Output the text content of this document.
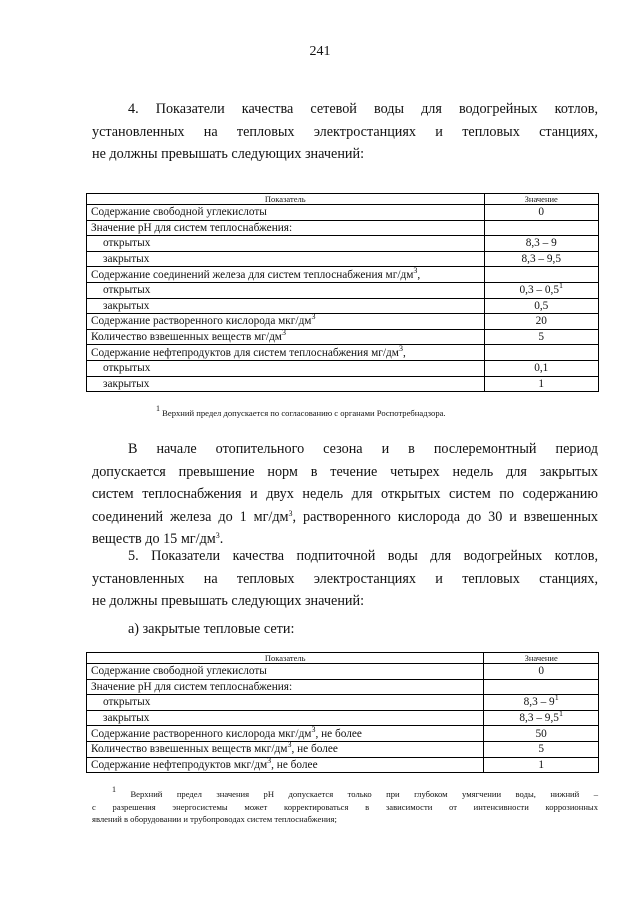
241
4. Показатели качества сетевой воды для водогрейных котлов,
установленных на тепловых электростанциях и тепловых станциях,
не должны превышать следующих значений:
Показатель	Значение
Содержание свободной углекислоты	0
Значение pH для систем теплоснабжения:	
открытых	8,3 – 9
закрытых	8,3 – 9,5
Содержание соединений железа для систем теплоснабжения $мг/дм^3$,	
открытых	$0,3 - 0,5^1$
закрытых	0,5
Содержание растворенного кислорода мкг/$дм^3$	20
Количество взвешенных веществ $мг/дм^3$	5
Содержание нефтепродуктов для систем теплоснабжения $мг/дм^3$,	
открытых	0,1
закрытых	1
$^1$ Верхний предел допускается по согласованию с органами Роспотребнадзора.
В начале отопительного сезона и в послеремонтный период
допускается превышение норм в течение четырех недель для закрытых
систем теплоснабжения и двух недель для открытых систем по содержанию
соединений железа до 1 $мг/дм^3$, растворенного кислорода до 30 и взвешенных
веществ до 15 $мг/дм^3$.
5. Показатели качества подпиточной воды для водогрейных котлов,
установленных на тепловых электростанциях и тепловых станциях,
не должны превышать следующих значений:
а) закрытые тепловые сети:
Показатель	Значение
Содержание свободной углекислоты	0
Значение pH для систем теплоснабжения:	
открытых	$8,3 - 9^1$
закрытых	$8,3 - 9,5^1$
Содержание растворенного кислорода мкг/$дм^3$, не более	50
Количество взвешенных веществ мкг/$дм^3$, не более	5
Содержание нефтепродуктов мкг/$дм^3$, не более	1
$^1$ Верхний предел значения pH допускается только при глубоком умягчении воды, нижний –
с разрешения энергосистемы может корректироваться в зависимости от интенсивности коррозионных
явлений в оборудовании и трубопроводах систем теплоснабжения;
